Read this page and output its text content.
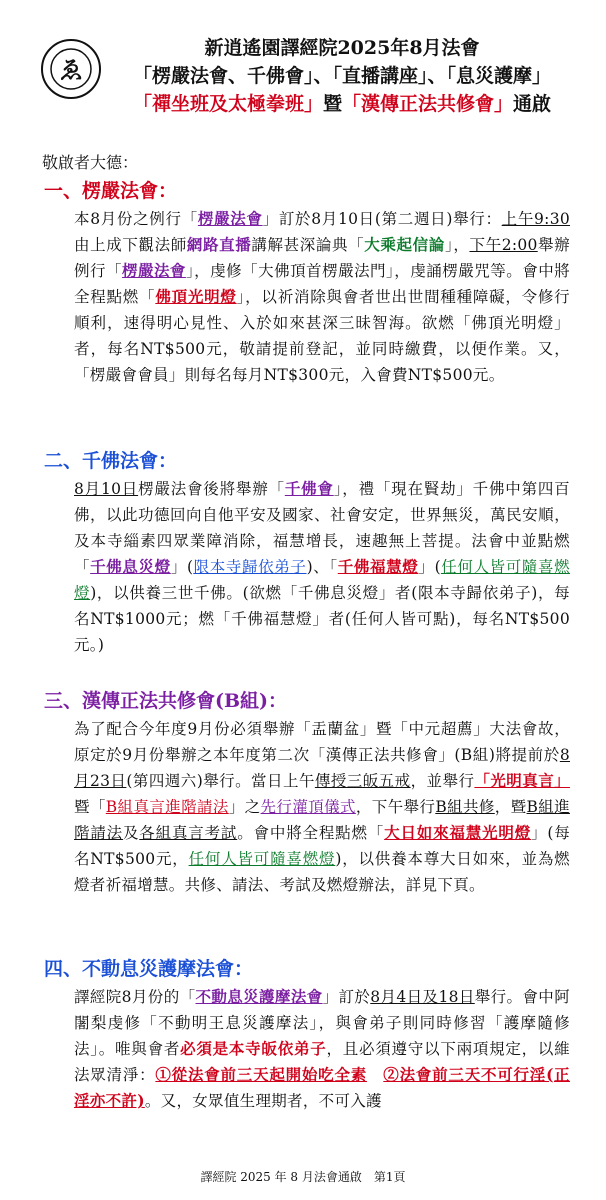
ゑ
新逍遙園譯經院2025年8月法會
「楞嚴法會、千佛會」、「直播講座」、「息災護摩」
「禪坐班及太極拳班」暨「漢傳正法共修會」通啟
敬啟者大德：
一、楞嚴法會：
本8月份之例行「楞嚴法會」訂於8月10日(第二週日)舉行：上午9:30由上成下觀法師網路直播講解甚深論典「大乘起信論」，下午2:00舉辦例行「楞嚴法會」，虔修「大佛頂首楞嚴法門」，虔誦楞嚴咒等。會中將全程點燃「佛頂光明燈」，以祈消除與會者世出世間種種障礙，令修行順利，速得明心見性、入於如來甚深三昧智海。欲燃「佛頂光明燈」者，每名NT$500元，敬請提前登記，並同時繳費，以便作業。又，「楞嚴會會員」則每名每月NT$300元，入會費NT$500元。
二、千佛法會：
8月10日楞嚴法會後將舉辦「千佛會」，禮「現在賢劫」千佛中第四百佛，以此功德回向自他平安及國家、社會安定，世界無災，萬民安順，及本寺緇素四眾業障消除，福慧增長，速趣無上菩提。法會中並點燃「千佛息災燈」(限本寺歸依弟子)、「千佛福慧燈」(任何人皆可隨喜燃燈)，以供養三世千佛。(欲燃「千佛息災燈」者(限本寺歸依弟子)，每名NT$1000元；燃「千佛福慧燈」者(任何人皆可點)，每名NT$500元。)
三、漢傳正法共修會(B組)：
為了配合今年度9月份必須舉辦「盂蘭盆」暨「中元超薦」大法會故，原定於9月份舉辦之本年度第二次「漢傳正法共修會」(B組)將提前於8月23日(第四週六)舉行。當日上午傳授三皈五戒，並舉行「光明真言」暨「B組真言進階請法」之先行灌頂儀式，下午舉行B組共修，暨B組進階請法及各組真言考試。會中將全程點燃「大日如來福慧光明燈」(每名NT$500元，任何人皆可隨喜燃燈)，以供養本尊大日如來，並為燃燈者祈福增慧。共修、請法、考試及燃燈辦法，詳見下頁。
四、不動息災護摩法會：
譯經院8月份的「不動息災護摩法會」訂於8月4日及18日舉行。會中阿闍梨虔修「不動明王息災護摩法」，與會弟子則同時修習「護摩隨修法」。唯與會者必須是本寺皈依弟子，且必須遵守以下兩項規定，以維法眾清淨：①從法會前三天起開始吃全素　 ②法會前三天不可行淫(正淫亦不許)。又，女眾值生理期者，不可入護
譯經院 2025 年 8 月法會通啟　第1頁
